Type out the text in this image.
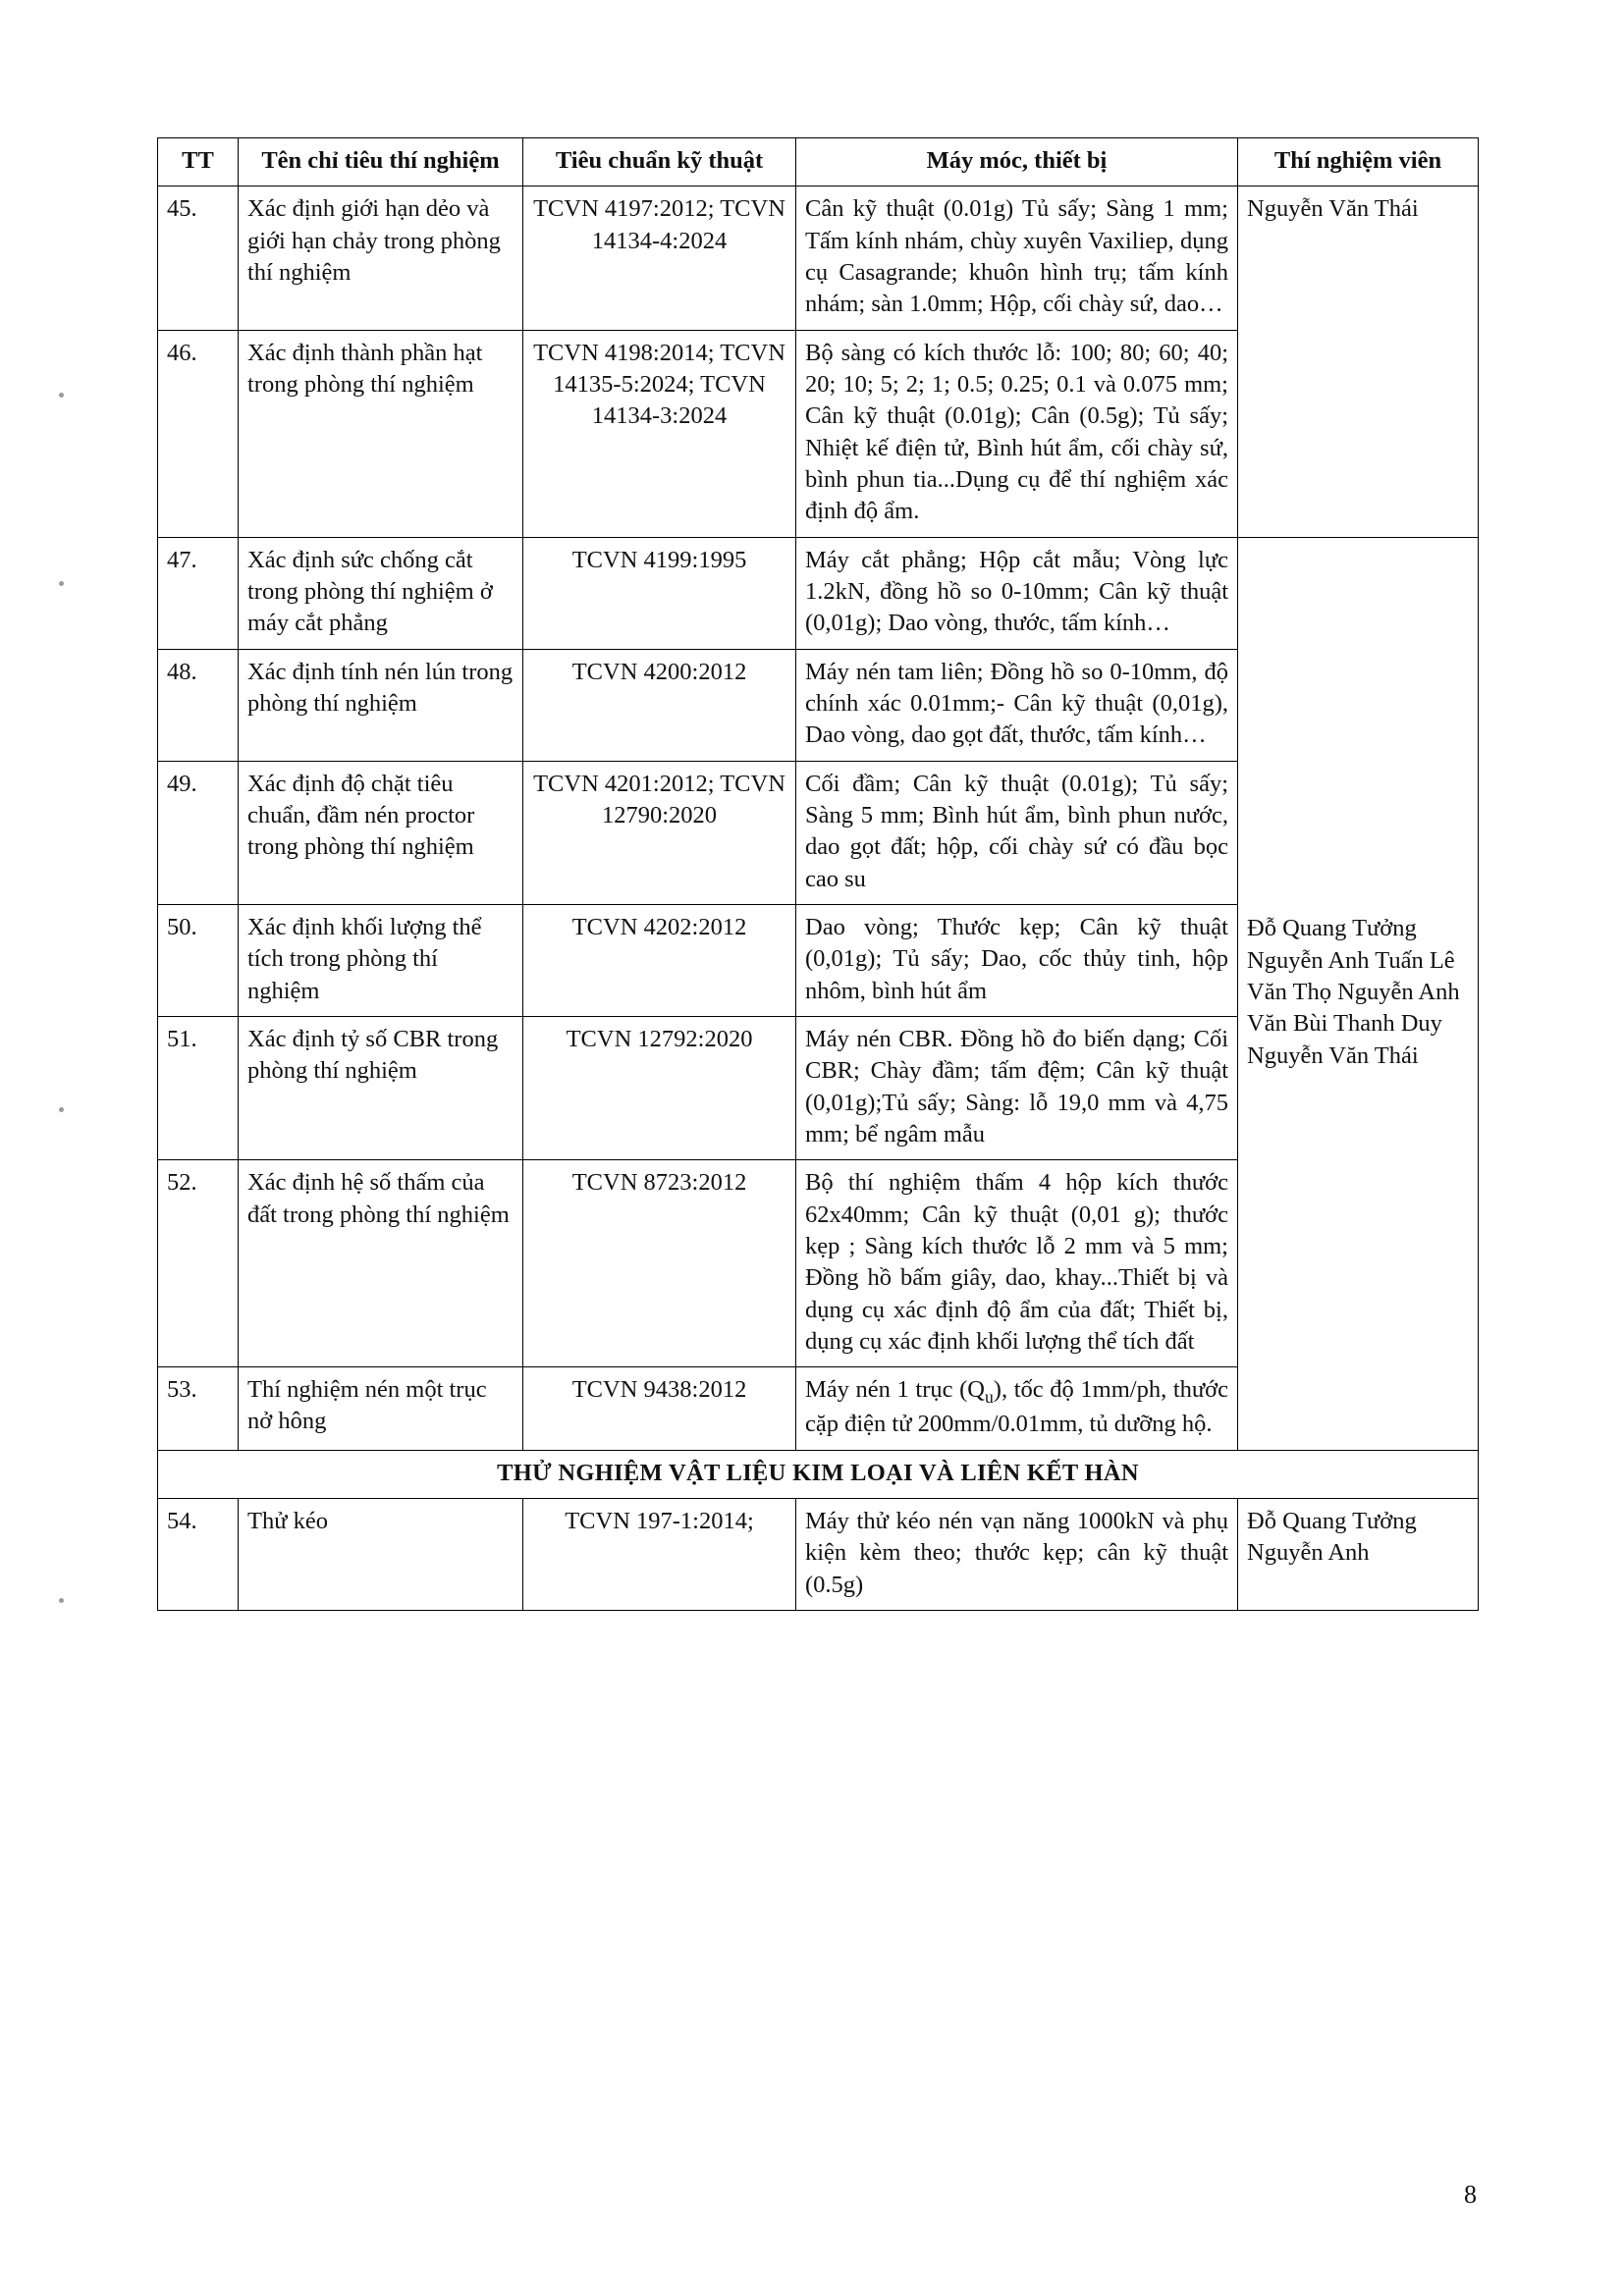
TT	Tên chỉ tiêu thí nghiệm	Tiêu chuẩn kỹ thuật	Máy móc, thiết bị	Thí nghiệm viên
45.	Xác định giới hạn dẻo và giới hạn chảy trong phòng thí nghiệm	TCVN 4197:2012; TCVN 14134-4:2024	Cân kỹ thuật (0.01g) Tủ sấy; Sàng 1 mm; Tấm kính nhám, chùy xuyên Vaxiliep, dụng cụ Casagrande; khuôn hình trụ; tấm kính nhám; sàn 1.0mm; Hộp, cối chày sứ, dao…	Nguyễn Văn Thái
46.	Xác định thành phần hạt trong phòng thí nghiệm	TCVN 4198:2014; TCVN 14135-5:2024; TCVN 14134-3:2024	Bộ sàng có kích thước lỗ: 100; 80; 60; 40; 20; 10; 5; 2; 1; 0.5; 0.25; 0.1 và 0.075 mm; Cân kỹ thuật (0.01g); Cân (0.5g); Tủ sấy; Nhiệt kế điện tử, Bình hút ẩm, cối chày sứ, bình phun tia...Dụng cụ để thí nghiệm xác định độ ẩm.	
47.	Xác định sức chống cắt trong phòng thí nghiệm ở máy cắt phẳng	TCVN 4199:1995	Máy cắt phẳng; Hộp cắt mẫu; Vòng lực 1.2kN, đồng hồ so 0-10mm; Cân kỹ thuật (0,01g); Dao vòng, thước, tấm kính…	Đỗ Quang Tưởng Nguyễn Anh Tuấn Lê Văn Thọ Nguyễn Anh Văn Bùi Thanh Duy Nguyễn Văn Thái
48.	Xác định tính nén lún trong phòng thí nghiệm	TCVN 4200:2012	Máy nén tam liên; Đồng hồ so 0-10mm, độ chính xác 0.01mm;- Cân kỹ thuật (0,01g), Dao vòng, dao gọt đất, thước, tấm kính…	
49.	Xác định độ chặt tiêu chuẩn, đầm nén proctor trong phòng thí nghiệm	TCVN 4201:2012; TCVN 12790:2020	Cối đầm; Cân kỹ thuật (0.01g); Tủ sấy; Sàng 5 mm; Bình hút ẩm, bình phun nước, dao gọt đất; hộp, cối chày sứ có đầu bọc cao su	
50.	Xác định khối lượng thể tích trong phòng thí nghiệm	TCVN 4202:2012	Dao vòng; Thước kẹp; Cân kỹ thuật (0,01g); Tủ sấy; Dao, cốc thủy tinh, hộp nhôm, bình hút ẩm	
51.	Xác định tỷ số CBR trong phòng thí nghiệm	TCVN 12792:2020	Máy nén CBR. Đồng hồ đo biến dạng; Cối CBR; Chày đầm; tấm đệm; Cân kỹ thuật (0,01g);Tủ sấy; Sàng: lỗ 19,0 mm và 4,75 mm; bể ngâm mẫu	
52.	Xác định hệ số thấm của đất trong phòng thí nghiệm	TCVN 8723:2012	Bộ thí nghiệm thấm 4 hộp kích thước 62x40mm; Cân kỹ thuật (0,01 g); thước kẹp ; Sàng kích thước lỗ 2 mm và 5 mm; Đồng hồ bấm giây, dao, khay...Thiết bị và dụng cụ xác định độ ẩm của đất; Thiết bị, dụng cụ xác định khối lượng thể tích đất	
53.	Thí nghiệm nén một trục nở hông	TCVN 9438:2012	Máy nén 1 trục $(Q_u)$, tốc độ 1mm/ph, thước cặp điện tử 200mm/0.01mm, tủ dưỡng hộ.	
THỬ NGHIỆM VẬT LIỆU KIM LOẠI VÀ LIÊN KẾT HÀN				
54.	Thử kéo	TCVN 197-1:2014;	Máy thử kéo nén vạn năng 1000kN và phụ kiện kèm theo; thước kẹp; cân kỹ thuật (0.5g)	Đỗ Quang Tưởng Nguyễn Anh
8
